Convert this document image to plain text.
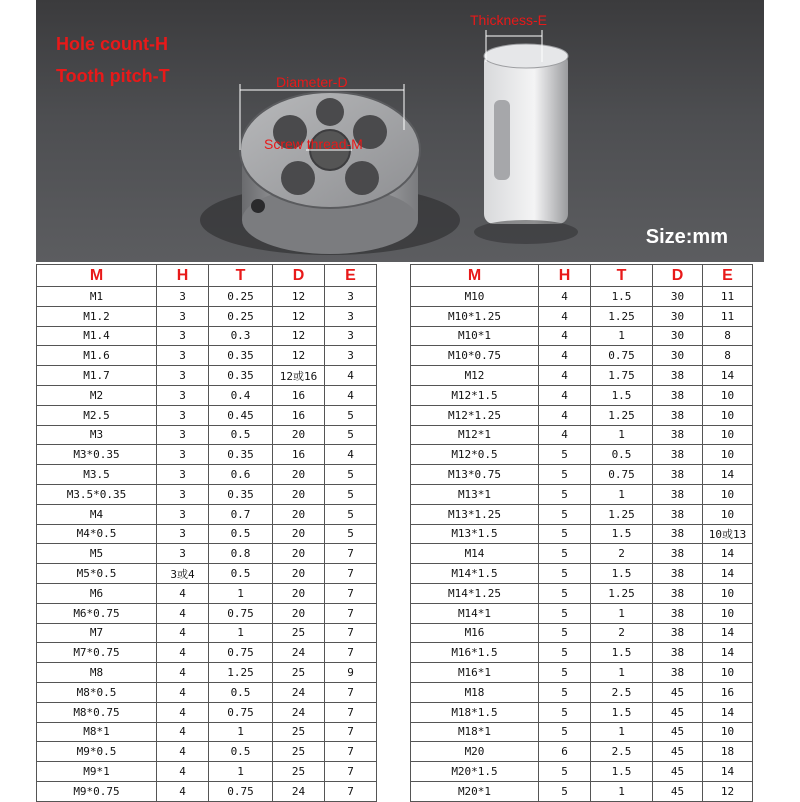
Hole count-H
Tooth pitch-T	Diameter-D
Screw thread-M
Thickness-E
Size:mm
M	H	T	D	E
M1	3	0.25	12	3
M1.2	3	0.25	12	3
M1.4	3	0.3	12	3
M1.6	3	0.35	12	3
M1.7	3	0.35	12或16	4
M2	3	0.4	16	4
M2.5	3	0.45	16	5
M3	3	0.5	20	5
M3*0.35	3	0.35	16	4
M3.5	3	0.6	20	5
M3.5*0.35	3	0.35	20	5
M4	3	0.7	20	5
M4*0.5	3	0.5	20	5
M5	3	0.8	20	7
M5*0.5	3或4	0.5	20	7
M6	4	1	20	7
M6*0.75	4	0.75	20	7
M7	4	1	25	7
M7*0.75	4	0.75	24	7
M8	4	1.25	25	9
M8*0.5	4	0.5	24	7
M8*0.75	4	0.75	24	7
M8*1	4	1	25	7
M9*0.5	4	0.5	25	7
M9*1	4	1	25	7
M9*0.75	4	0.75	24	7
M	H	T	D	E
M10	4	1.5	30	11
M10*1.25	4	1.25	30	11
M10*1	4	1	30	8
M10*0.75	4	0.75	30	8
M12	4	1.75	38	14
M12*1.5	4	1.5	38	10
M12*1.25	4	1.25	38	10
M12*1	4	1	38	10
M12*0.5	5	0.5	38	10
M13*0.75	5	0.75	38	14
M13*1	5	1	38	10
M13*1.25	5	1.25	38	10
M13*1.5	5	1.5	38	10或13
M14	5	2	38	14
M14*1.5	5	1.5	38	14
M14*1.25	5	1.25	38	10
M14*1	5	1	38	10
M16	5	2	38	14
M16*1.5	5	1.5	38	14
M16*1	5	1	38	10
M18	5	2.5	45	16
M18*1.5	5	1.5	45	14
M18*1	5	1	45	10
M20	6	2.5	45	18
M20*1.5	5	1.5	45	14
M20*1	5	1	45	12
